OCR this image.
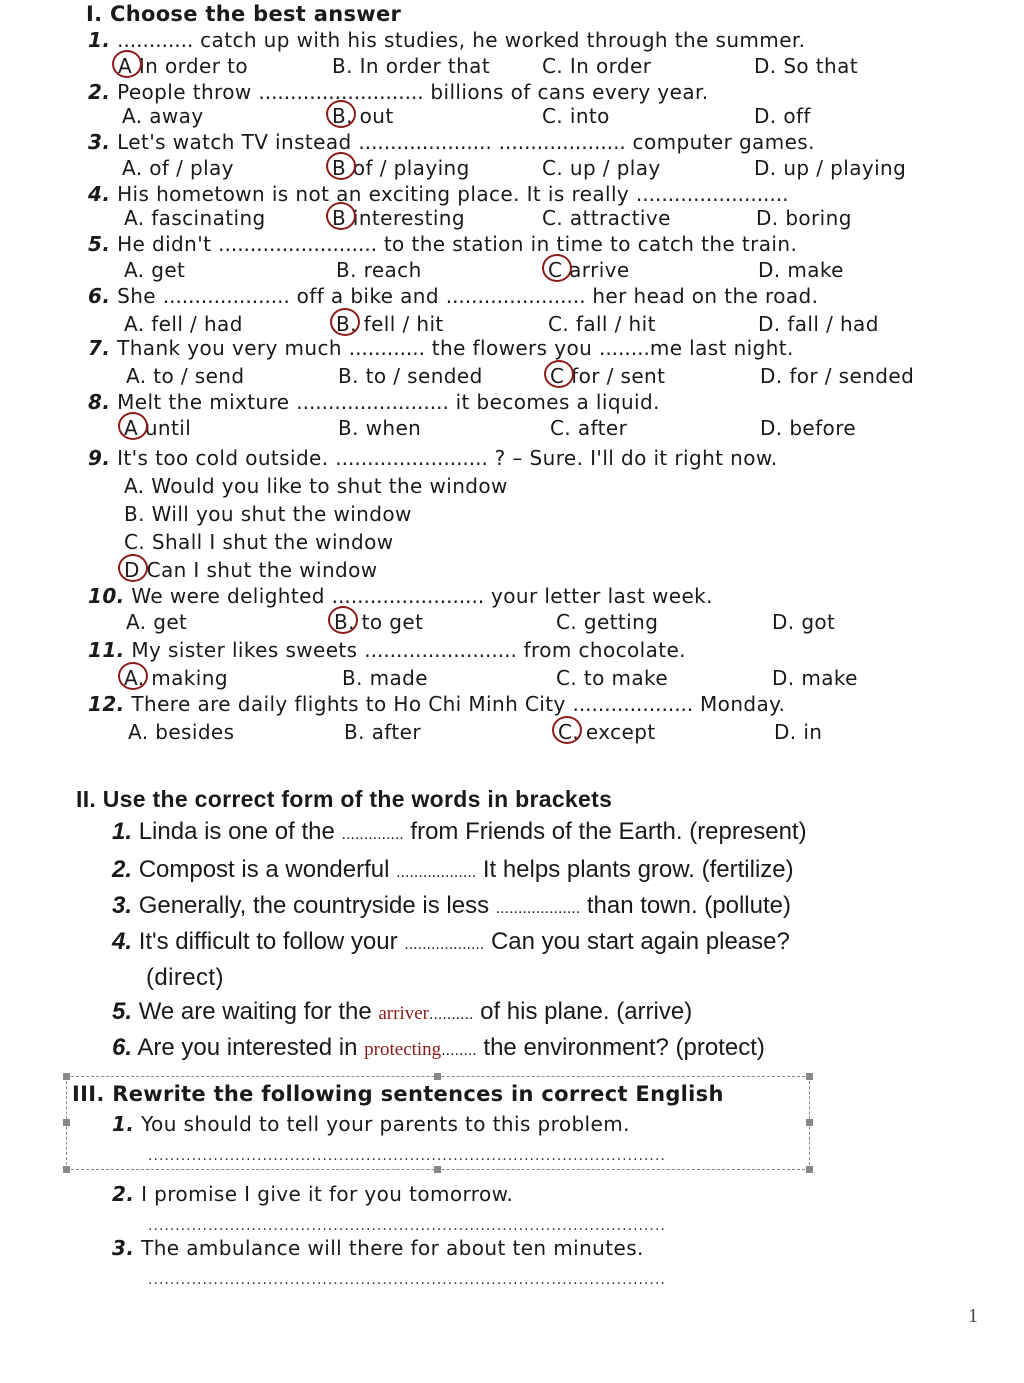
I. Choose the best answer
1. ............ catch up with his studies, he worked through the summer.
A In order to	B. In order that	C. In order	D. So that
2. People throw .......................... billions of cans every year.
A. away	B. out	C. into	D. off
3. Let's watch TV instead ..................... .................... computer games.
A. of / play	B of / playing	C. up / play	D. up / playing
4. His hometown is not an exciting place. It is really ........................
A. fascinating	B interesting	C. attractive	D. boring
5. He didn't ......................... to the station in time to catch the train.
A. get	B. reach	C arrive	D. make
6. She .................... off a bike and ...................... her head on the road.
A. fell / had	B. fell / hit	C. fall / hit	D. fall / had
7. Thank you very much ............ the flowers you ........me last night.
A. to / send	B. to / sended	C for / sent	D. for / sended
8. Melt the mixture ........................ it becomes a liquid.
A until	B. when	C. after	D. before
9. It's too cold outside. ........................ ? – Sure. I'll do it right now.
A. Would you like to shut the window
B. Will you shut the window
C. Shall I shut the window
D Can I shut the window
10. We were delighted ........................ your letter last week.
A. get	B. to get	C. getting	D. got
11. My sister likes sweets ........................ from chocolate.
A. making	B. made	C. to make	D. make
12. There are daily flights to Ho Chi Minh City ................... Monday.
A. besides	B. after	C. except	D. in
II. Use the correct form of the words in brackets
1. Linda is one of the .............. from Friends of the Earth. (represent)
2. Compost is a wonderful .................. It helps plants grow. (fertilize)
3. Generally, the countryside is less ................... than town. (pollute)
4. It's difficult to follow your .................. Can you start again please?
(direct)
5. We are waiting for the arriver.......... of his plane. (arrive)
6. Are you interested in protecting........ the environment? (protect)
III. Rewrite the following sentences in correct English
1. You should to tell your parents to this problem.
...............................................................................................
2. I promise I give it for you tomorrow.
...............................................................................................
3. The ambulance will there for about ten minutes.
...............................................................................................
1
